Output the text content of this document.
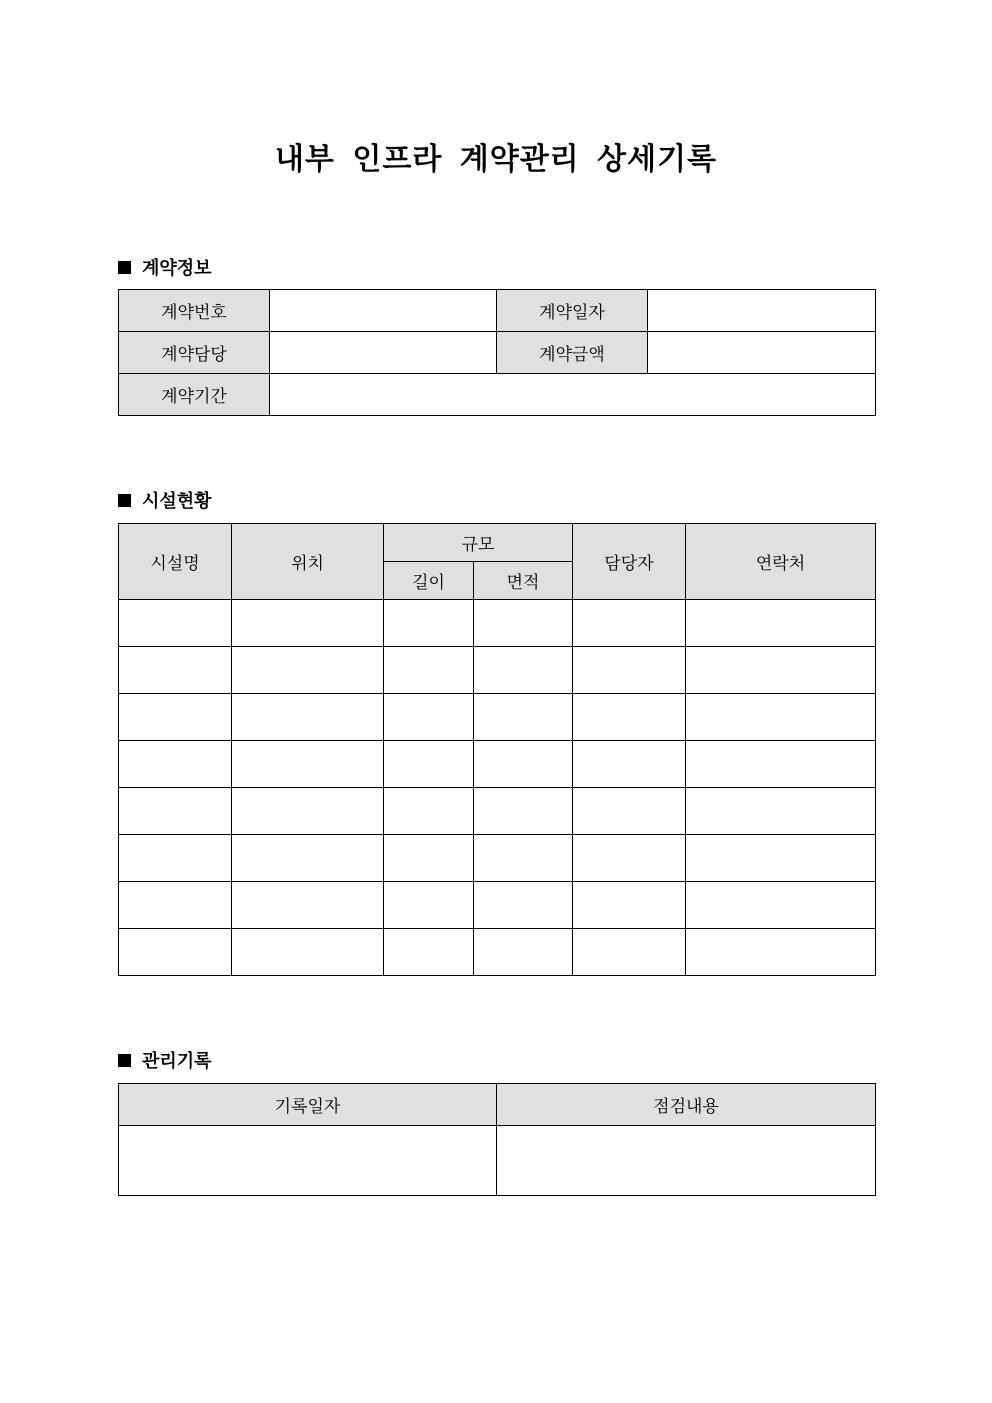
내부 인프라 계약관리 상세기록
계약정보
계약번호		계약일자	
계약담당		계약금액	
계약기간			
시설현황
시설명	위치	규모		담당자	연락처
		길이	면적		

관리기록
기록일자	점검내용
